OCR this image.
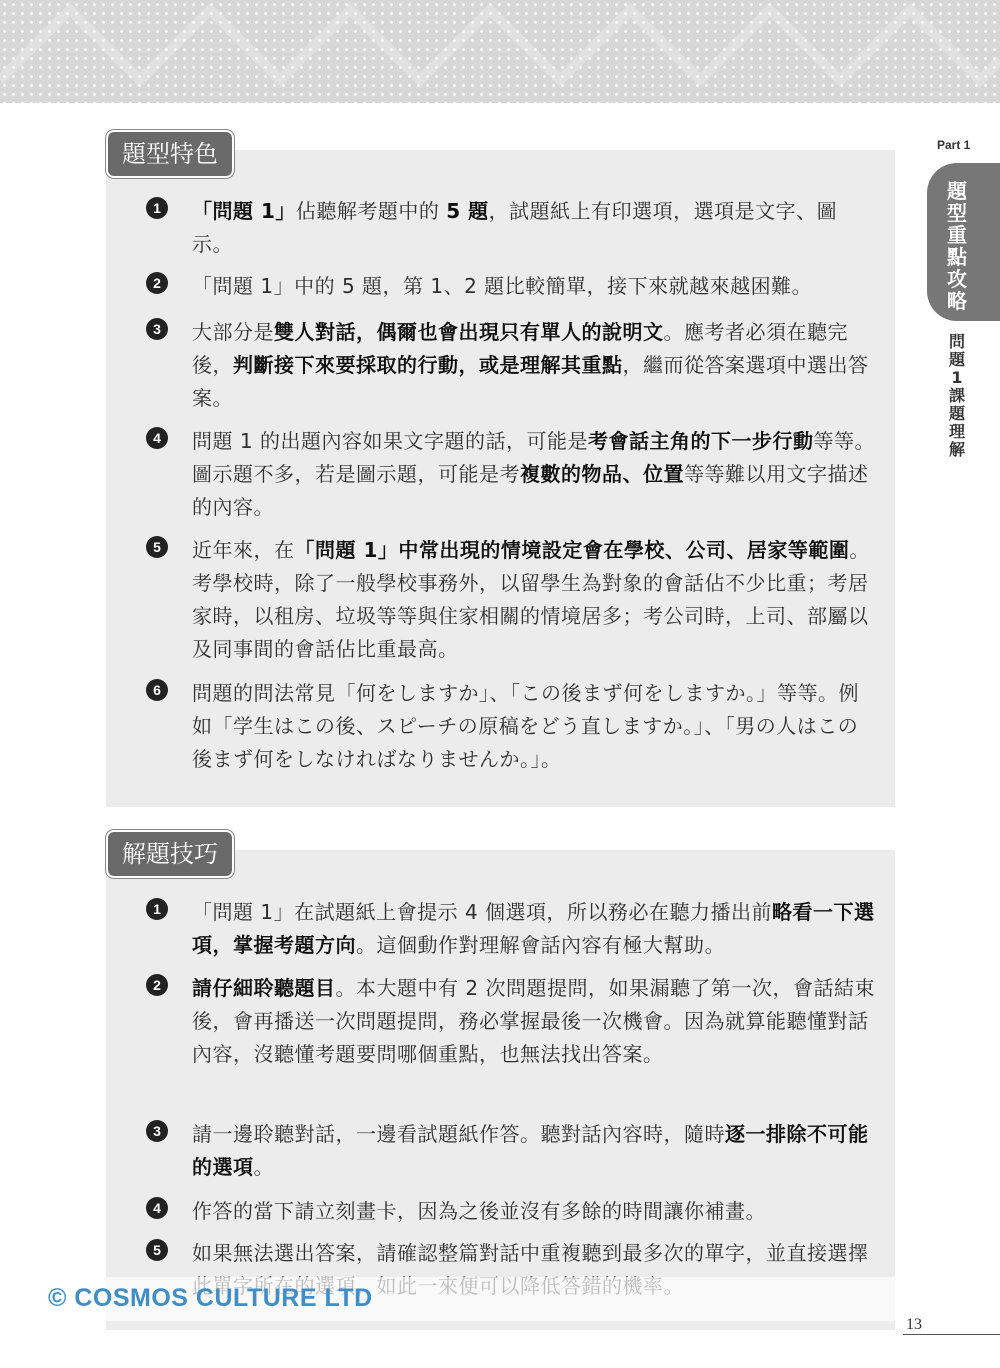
Part 1
題型重點攻略
問題1 課題理解
題型特色
解題技巧
1	「問題 1」佔聽解考題中的 5 題，試題紙上有印選項，選項是文字、圖示。
2	「問題 1」中的 5 題，第 1、2 題比較簡單，接下來就越來越困難。
3	大部分是雙人對話，偶爾也會出現只有單人的說明文。應考者必須在聽完後，判斷接下來要採取的行動，或是理解其重點，繼而從答案選項中選出答案。
4	問題 1 的出題內容如果文字題的話，可能是考會話主角的下一步行動等等。圖示題不多，若是圖示題，可能是考複數的物品、位置等等難以用文字描述的內容。
5	近年來，在「問題 1」中常出現的情境設定會在學校、公司、居家等範圍。考學校時，除了一般學校事務外，以留學生為對象的會話佔不少比重；考居家時，以租房、垃圾等等與住家相關的情境居多；考公司時，上司、部屬以及同事間的會話佔比重最高。
6	問題的問法常見「何をしますか」、「この後まず何をしますか。」等等。例如「学生はこの後、スピーチの原稿をどう直しますか。」、「男の人はこの後まず何をしなければなりませんか。」。
1	「問題 1」在試題紙上會提示 4 個選項，所以務必在聽力播出前略看一下選項，掌握考題方向。這個動作對理解會話內容有極大幫助。
2	請仔細聆聽題目。本大題中有 2 次問題提問，如果漏聽了第一次，會話結束後，會再播送一次問題提問，務必掌握最後一次機會。因為就算能聽懂對話內容，沒聽懂考題要問哪個重點，也無法找出答案。
3	請一邊聆聽對話，一邊看試題紙作答。聽對話內容時，隨時逐一排除不可能的選項。
4	作答的當下請立刻畫卡，因為之後並沒有多餘的時間讓你補畫。
5	如果無法選出答案，請確認整篇對話中重複聽到最多次的單字，並直接選擇
© COSMOS CULTURE LTD
13
